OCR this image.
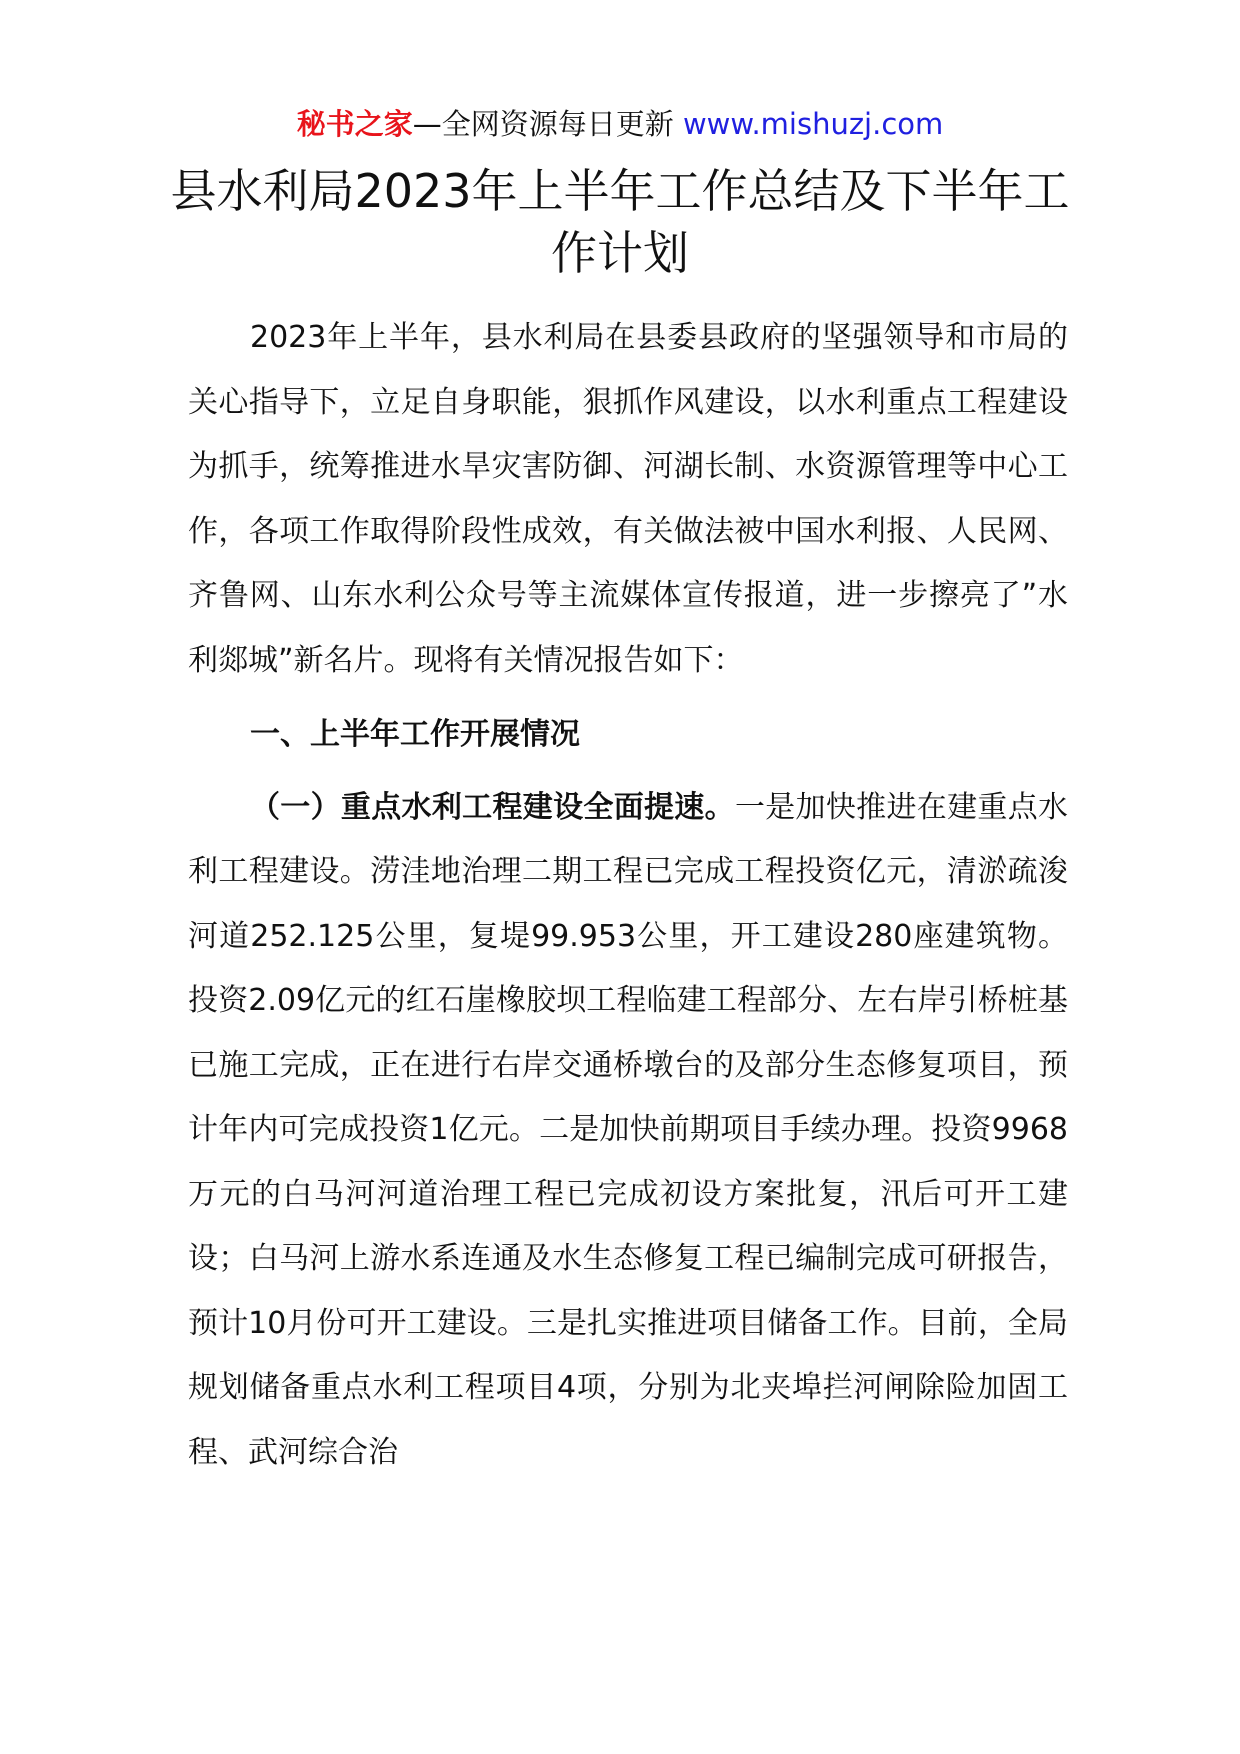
秘书之家—全网资源每日更新 www.mishuzj.com
县水利局2023年上半年工作总结及下半年工作计划

2023年上半年，县水利局在县委县政府的坚强领导和市局的关心指导下，立足自身职能，狠抓作风建设，以水利重点工程建设为抓手，统筹推进水旱灾害防御、河湖长制、水资源管理等中心工作，各项工作取得阶段性成效，有关做法被中国水利报、人民网、齐鲁网、山东水利公众号等主流媒体宣传报道，进一步擦亮了”水利郯城”新名片。现将有关情况报告如下：

一、上半年工作开展情况

（一）重点水利工程建设全面提速。一是加快推进在建重点水利工程建设。涝洼地治理二期工程已完成工程投资亿元，清淤疏浚河道252.125公里，复堤99.953公里，开工建设280座建筑物。投资2.09亿元的红石崖橡胶坝工程临建工程部分、左右岸引桥桩基已施工完成，正在进行右岸交通桥墩台的及部分生态修复项目，预计年内可完成投资1亿元。二是加快前期项目手续办理。投资9968万元的白马河河道治理工程已完成初设方案批复，汛后可开工建设；白马河上游水系连通及水生态修复工程已编制完成可研报告，预计10月份可开工建设。三是扎实推进项目储备工作。目前，全局规划储备重点水利工程项目4项，分别为北夹埠拦河闸除险加固工程、武河综合治
